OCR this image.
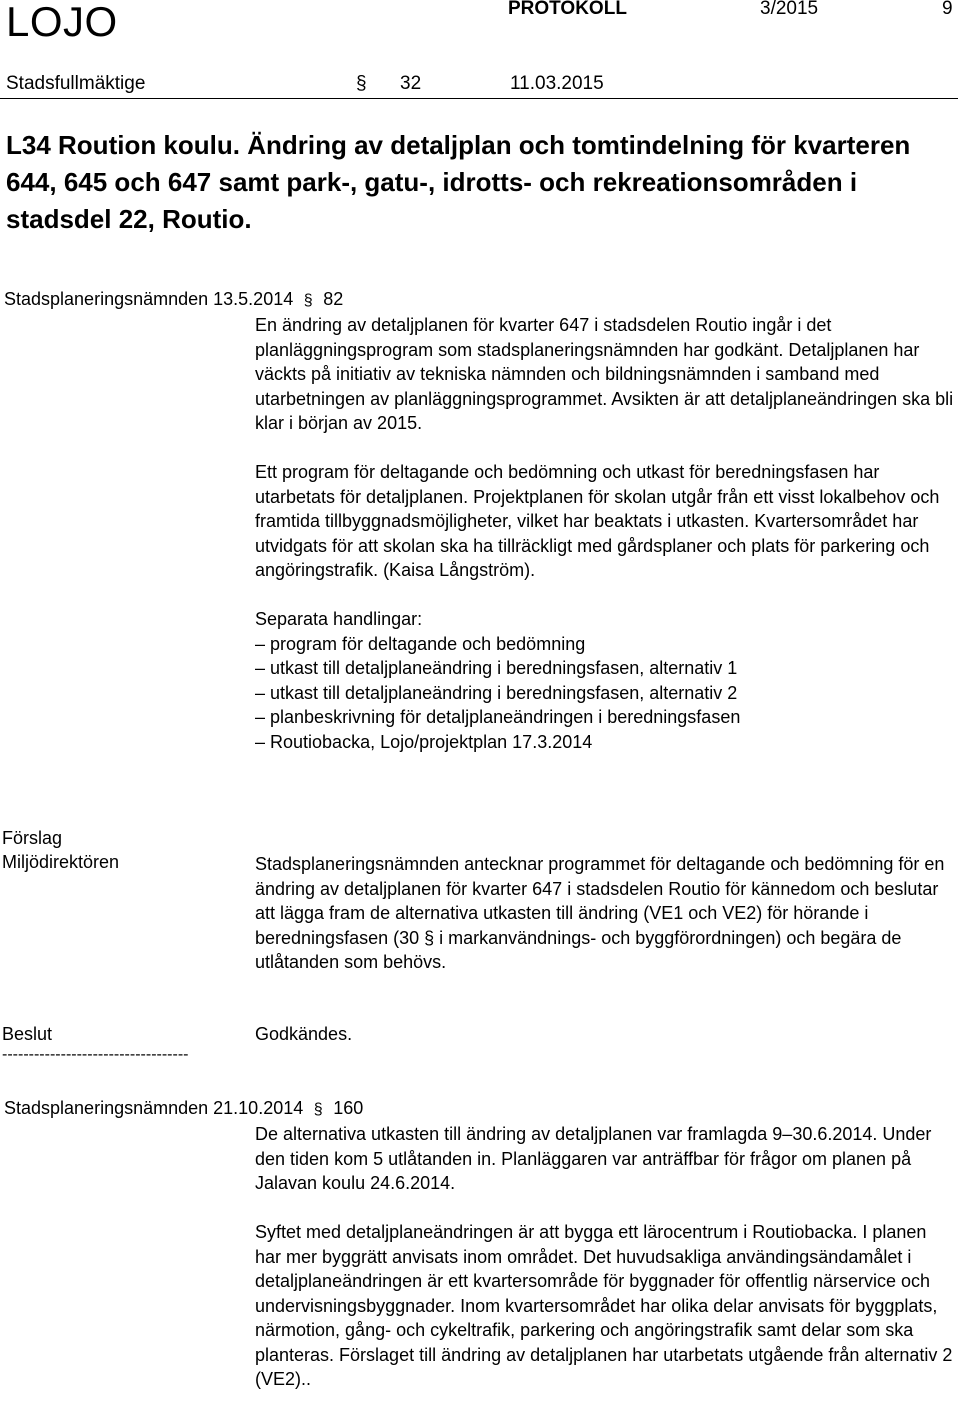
LOJO	PROTOKOLL	3/2015	9
Stadsfullmäktige	§ 32	11.03.2015
L34 Roution koulu. Ändring av detaljplan och tomtindelning för kvarteren 644, 645 och 647 samt park-, gatu-, idrotts- och rekreationsområden i stadsdel 22, Routio.
Stadsplaneringsnämnden 13.5.2014 § 82

En ändring av detaljplanen för kvarter 647 i stadsdelen Routio ingår i det planläggningsprogram som stadsplaneringsnämnden har godkänt. Detaljplanen har väckts på initiativ av tekniska nämnden och bildningsnämnden i samband med utarbetningen av planläggningsprogrammet. Avsikten är att detaljplaneändringen ska bli klar i början av 2015.

Ett program för deltagande och bedömning och utkast för beredningsfasen har utarbetats för detaljplanen. Projektplanen för skolan utgår från ett visst lokalbehov och framtida tillbyggnadsmöjligheter, vilket har beaktats i utkasten. Kvartersområdet har utvidgats för att skolan ska ha tillräckligt med gårdsplaner och plats för parkering och angöringstrafik. (Kaisa Långström).

Separata handlingar:

– program för deltagande och bedömning

– utkast till detaljplaneändring i beredningsfasen, alternativ 1

– utkast till detaljplaneändring i beredningsfasen, alternativ 2

– planbeskrivning för detaljplaneändringen i beredningsfasen

– Routiobacka, Lojo/projektplan 17.3.2014

Förslag
Miljödirektören	Stadsplaneringsnämnden antecknar programmet för deltagande och bedömning för en ändring av detaljplanen för kvarter 647 i stadsdelen Routio för kännedom och beslutar att lägga fram de alternativa utkasten till ändring (VE1 och VE2) för hörande i beredningsfasen (30 § i markanvändnings- och byggförordningen) och begära de utlåtanden som behövs.
Beslut	Godkändes.
-----------------------------------
Stadsplaneringsnämnden 21.10.2014 § 160

De alternativa utkasten till ändring av detaljplanen var framlagda 9–30.6.2014. Under den tiden kom 5 utlåtanden in. Planläggaren var anträffbar för frågor om planen på Jalavan koulu 24.6.2014.

Syftet med detaljplaneändringen är att bygga ett lärocentrum i Routiobacka. I planen har mer byggrätt anvisats inom området. Det huvudsakliga användingsändamålet i detaljplaneändringen är ett kvartersområde för byggnader för offentlig närservice och undervisningsbyggnader. Inom kvartersområdet har olika delar anvisats för byggplats, närmotion, gång- och cykeltrafik, parkering och angöringstrafik samt delar som ska planteras. Förslaget till ändring av detaljplanen har utarbetats utgående från alternativ 2 (VE2)..
